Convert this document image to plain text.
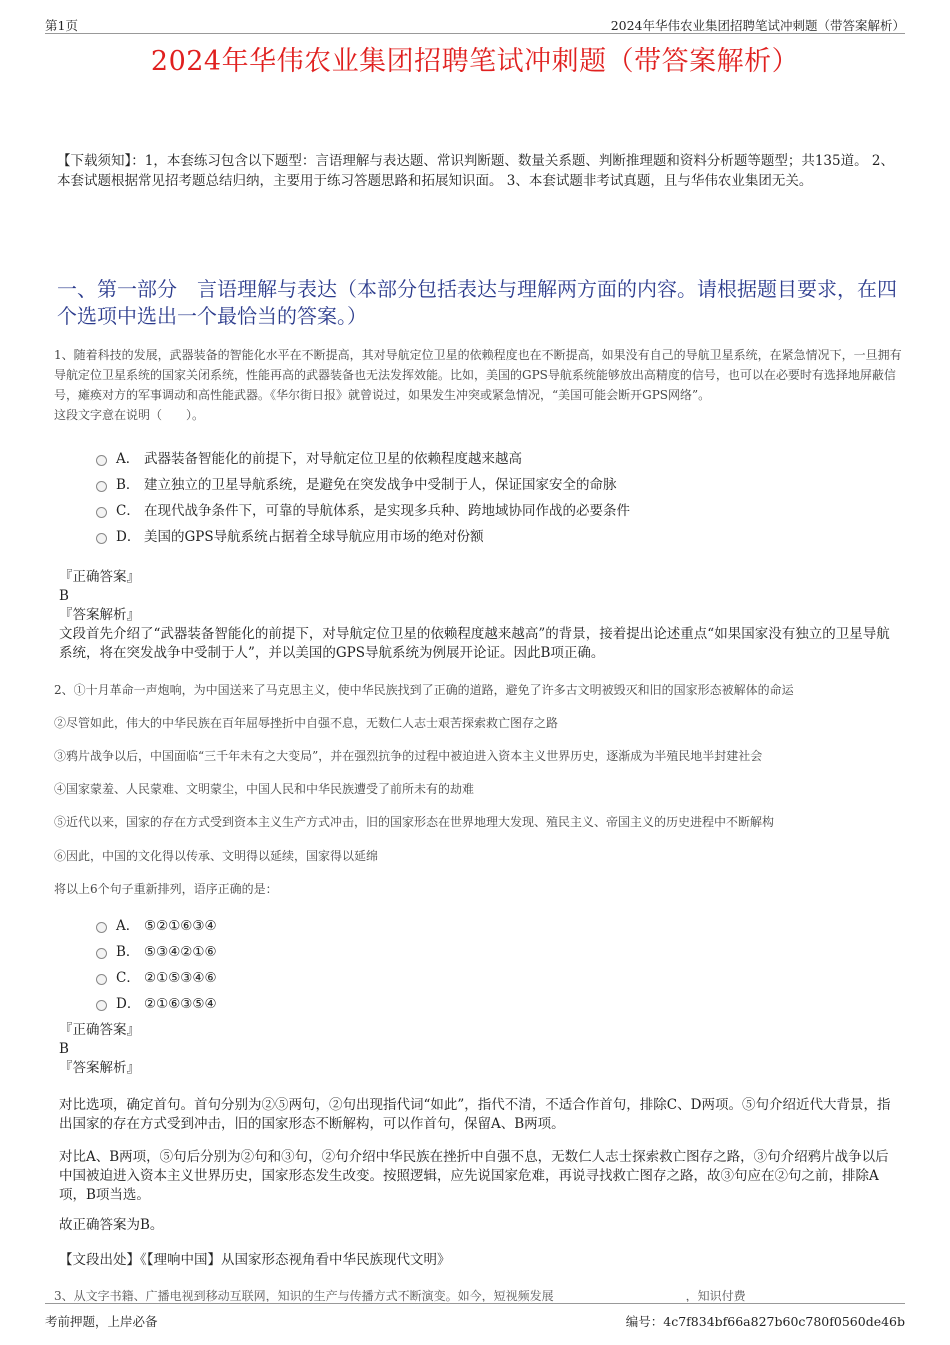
第1页	2024年华伟农业集团招聘笔试冲刺题（带答案解析）
2024年华伟农业集团招聘笔试冲刺题（带答案解析）
【下载须知】：1，本套练习包含以下题型：言语理解与表达题、常识判断题、数量关系题、判断推理题和资料分析题等题型；共135道。 2、本套试题根据常见招考题总结归纳，主要用于练习答题思路和拓展知识面。 3、本套试题非考试真题，且与华伟农业集团无关。
一、第一部分　言语理解与表达（本部分包括表达与理解两方面的内容。请根据题目要求，在四个选项中选出一个最恰当的答案。）
1、随着科技的发展，武器装备的智能化水平在不断提高，其对导航定位卫星的依赖程度也在不断提高，如果没有自己的导航卫星系统，在紧急情况下，一旦拥有导航定位卫星系统的国家关闭系统，性能再高的武器装备也无法发挥效能。比如，美国的GPS导航系统能够放出高精度的信号，也可以在必要时有选择地屏蔽信号，瘫痪对方的军事调动和高性能武器。《华尔街日报》就曾说过，如果发生冲突或紧急情况，“美国可能会断开GPS网络”。
这段文字意在说明（　　）。
A． 武器装备智能化的前提下，对导航定位卫星的依赖程度越来越高
B． 建立独立的卫星导航系统，是避免在突发战争中受制于人，保证国家安全的命脉
C． 在现代战争条件下，可靠的导航体系，是实现多兵种、跨地域协同作战的必要条件
D． 美国的GPS导航系统占据着全球导航应用市场的绝对份额
『正确答案』
B
『答案解析』
文段首先介绍了“武器装备智能化的前提下，对导航定位卫星的依赖程度越来越高”的背景，接着提出论述重点“如果国家没有独立的卫星导航系统，将在突发战争中受制于人”，并以美国的GPS导航系统为例展开论证。因此B项正确。
2、①十月革命一声炮响，为中国送来了马克思主义，使中华民族找到了正确的道路，避免了许多古文明被毁灭和旧的国家形态被解体的命运
②尽管如此，伟大的中华民族在百年屈辱挫折中自强不息，无数仁人志士艰苦探索救亡图存之路
③鸦片战争以后，中国面临“三千年未有之大变局”，并在强烈抗争的过程中被迫进入资本主义世界历史，逐渐成为半殖民地半封建社会
④国家蒙羞、人民蒙难、文明蒙尘，中国人民和中华民族遭受了前所未有的劫难
⑤近代以来，国家的存在方式受到资本主义生产方式冲击，旧的国家形态在世界地理大发现、殖民主义、帝国主义的历史进程中不断解构
⑥因此，中国的文化得以传承、文明得以延续，国家得以延绵
将以上6个句子重新排列，语序正确的是：
A． ⑤②①⑥③④
B． ⑤③④②①⑥
C． ②①⑤③④⑥
D． ②①⑥③⑤④
『正确答案』
B
『答案解析』
对比选项，确定首句。首句分别为②⑤两句，②句出现指代词“如此”，指代不清，不适合作首句，排除C、D两项。⑤句介绍近代大背景，指出国家的存在方式受到冲击，旧的国家形态不断解构，可以作首句，保留A、B两项。
对比A、B两项，⑤句后分别为②句和③句，②句介绍中华民族在挫折中自强不息，无数仁人志士探索救亡图存之路，③句介绍鸦片战争以后中国被迫进入资本主义世界历史，国家形态发生改变。按照逻辑，应先说国家危难，再说寻找救亡图存之路，故③句应在②句之前，排除A项，B项当选。
故正确答案为B。
【文段出处】《【理响中国】从国家形态视角看中华民族现代文明》
3、从文字书籍、广播电视到移动互联网，知识的生产与传播方式不断演变。如今，短视频发展　　　　　　　　　　　，知识付费
考前押题，上岸必备	编号：4c7f834bf66a827b60c780f0560de46b
